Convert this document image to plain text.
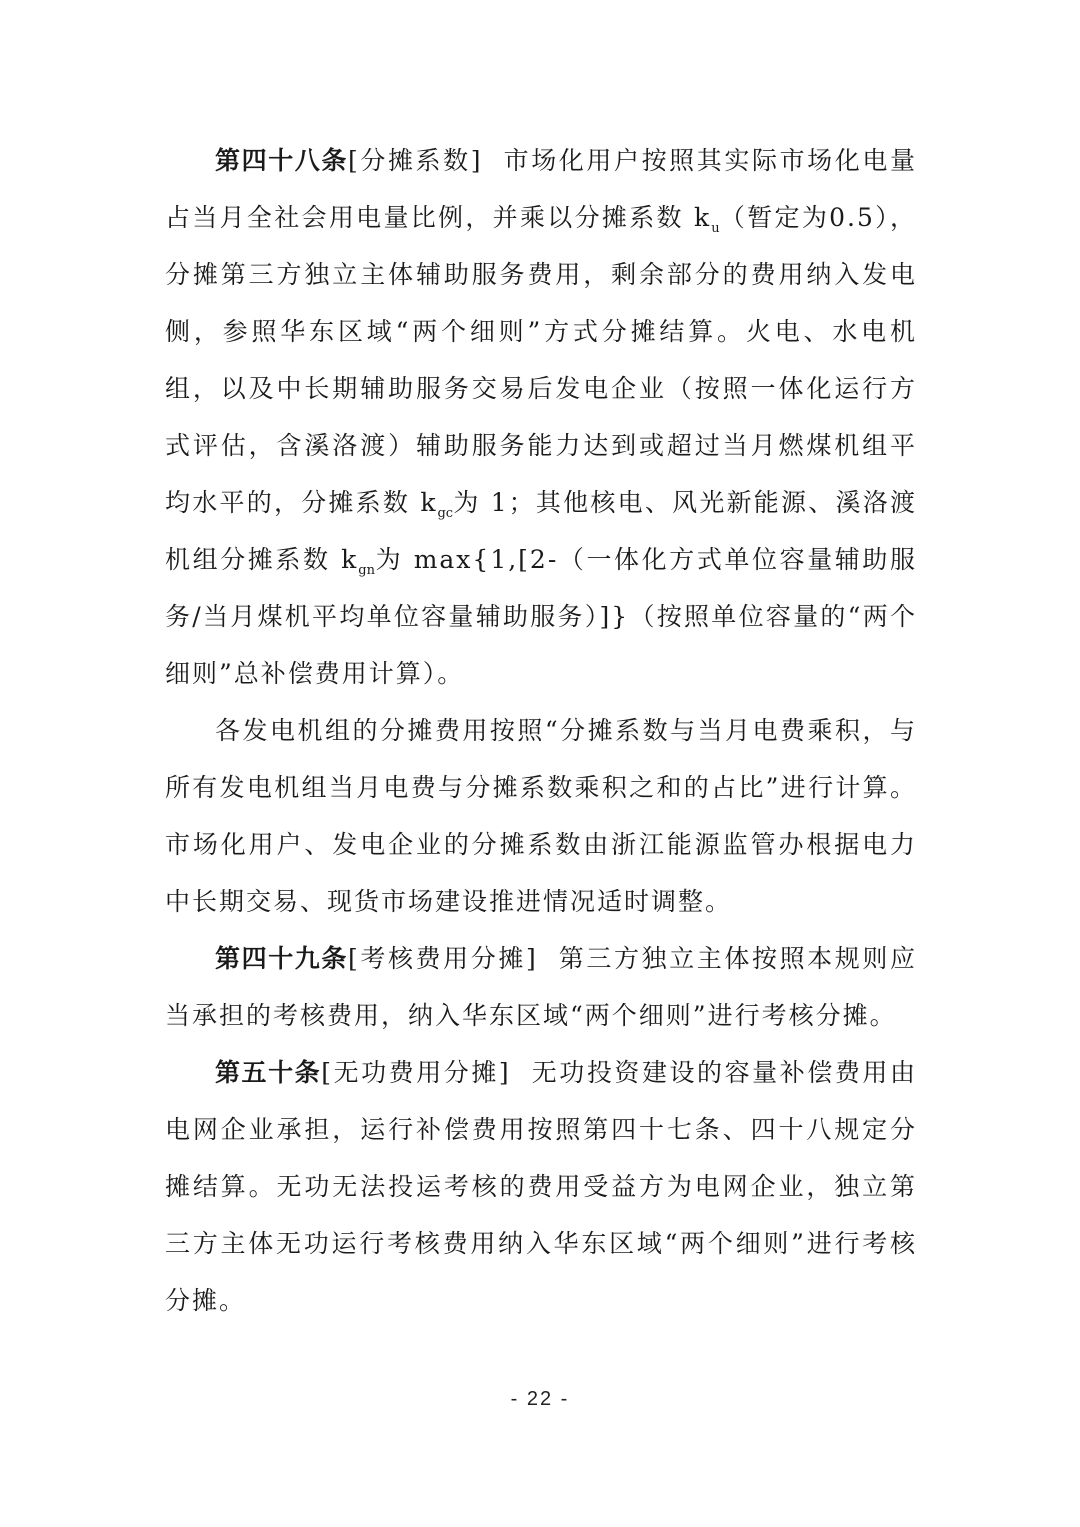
第四十八条[分摊系数] 市场化用户按照其实际市场化电量占当月全社会用电量比例，并乘以分摊系数 $k_u$（暂定为0.5），分摊第三方独立主体辅助服务费用，剩余部分的费用纳入发电侧，参照华东区域“两个细则”方式分摊结算。火电、水电机组，以及中长期辅助服务交易后发电企业（按照一体化运行方式评估，含溪洛渡）辅助服务能力达到或超过当月燃煤机组平均水平的，分摊系数 $k_{gc}$为 1；其他核电、风光新能源、溪洛渡机组分摊系数 $k_{gn}$为 max{1,[2-（一体化方式单位容量辅助服务/当月煤机平均单位容量辅助服务）]}（按照单位容量的“两个细则”总补偿费用计算）。

各发电机组的分摊费用按照“分摊系数与当月电费乘积，与所有发电机组当月电费与分摊系数乘积之和的占比”进行计算。市场化用户、发电企业的分摊系数由浙江能源监管办根据电力中长期交易、现货市场建设推进情况适时调整。

第四十九条[考核费用分摊] 第三方独立主体按照本规则应当承担的考核费用，纳入华东区域“两个细则”进行考核分摊。

第五十条[无功费用分摊] 无功投资建设的容量补偿费用由电网企业承担，运行补偿费用按照第四十七条、四十八规定分摊结算。无功无法投运考核的费用受益方为电网企业，独立第三方主体无功运行考核费用纳入华东区域“两个细则”进行考核分摊。

- 22 -
